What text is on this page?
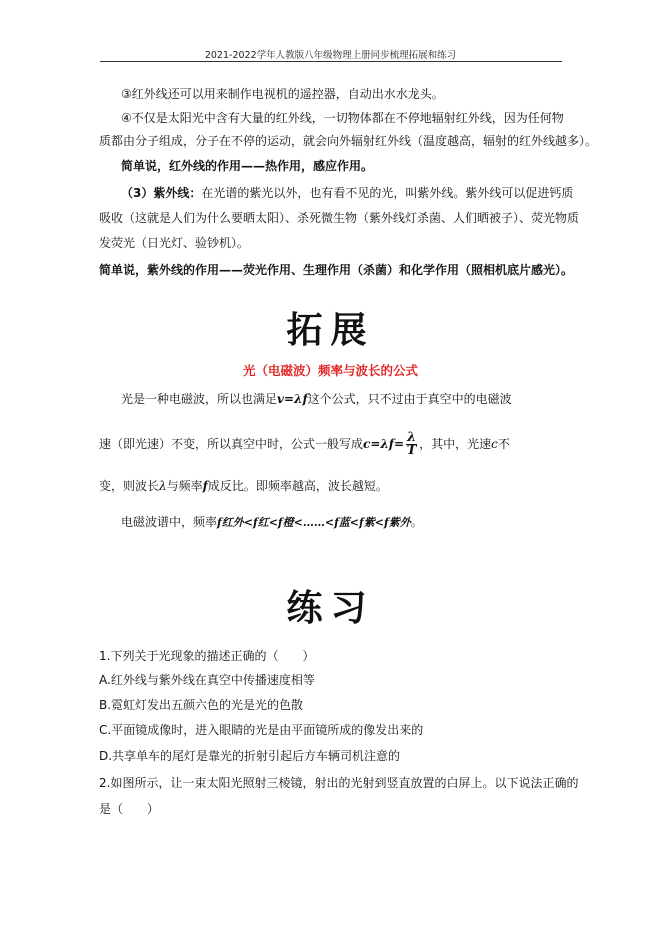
2021-2022学年人教版八年级物理上册同步梳理拓展和练习
③红外线还可以用来制作电视机的遥控器，自动出水水龙头。
④不仅是太阳光中含有大量的红外线，一切物体都在不停地辐射红外线，因为任何物
质都由分子组成，分子在不停的运动，就会向外辐射红外线（温度越高，辐射的红外线越多）。
简单说，红外线的作用——热作用，感应作用。
（3）紫外线：在光谱的紫光以外，也有看不见的光，叫紫外线。紫外线可以促进钙质
吸收（这就是人们为什么要晒太阳）、杀死微生物（紫外线灯杀菌、人们晒被子）、荧光物质
发荧光（日光灯、验钞机）。
简单说，紫外线的作用——荧光作用、生理作用（杀菌）和化学作用（照相机底片感光）。
拓展
光（电磁波）频率与波长的公式
光是一种电磁波，所以也满足v=λf这个公式，只不过由于真空中的电磁波
速（即光速）不变，所以真空中时，公式一般写成$c=\lambda f= \frac{\lambda}{T}$ ，其中，光速c不
变，则波长λ与频率f成反比。即频率越高，波长越短。
电磁波谱中，频率f红外<f红<f橙<……<f蓝<f紫<f紫外。
练习
1.下列关于光现象的描述正确的（　　）
A.红外线与紫外线在真空中传播速度相等
B.霓虹灯发出五颜六色的光是光的色散
C.平面镜成像时，进入眼睛的光是由平面镜所成的像发出来的
D.共享单车的尾灯是靠光的折射引起后方车辆司机注意的
2.如图所示，让一束太阳光照射三棱镜，射出的光射到竖直放置的白屏上。以下说法正确的
是（　　）
